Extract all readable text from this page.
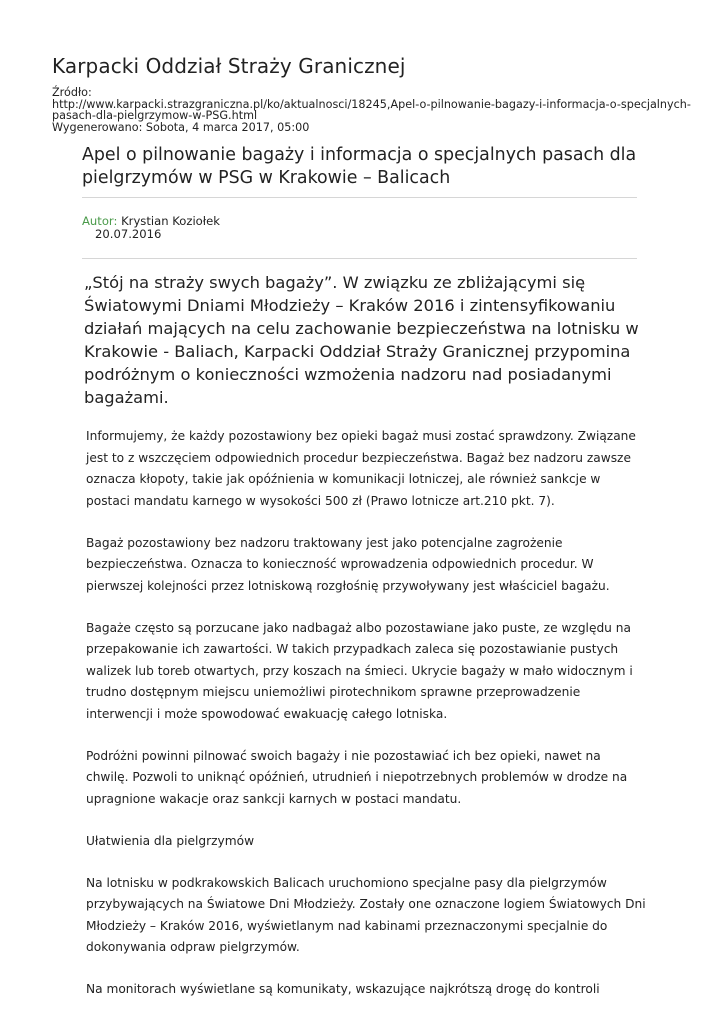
Karpacki Oddział Straży Granicznej
Źródło:
http://www.karpacki.strazgraniczna.pl/ko/aktualnosci/18245,Apel-o-pilnowanie-bagazy-i-informacja-o-specjalnych-
pasach-dla-pielgrzymow-w-PSG.html
Wygenerowano: Sobota, 4 marca 2017, 05:00
Apel o pilnowanie bagaży i informacja o specjalnych pasach dla pielgrzymów w PSG w Krakowie – Balicach
Autor: Krystian Koziołek
20.07.2016

„Stój na straży swych bagaży”. W związku ze zbliżającymi się Światowymi Dniami Młodzieży – Kraków 2016 i zintensyfikowaniu działań mających na celu zachowanie bezpieczeństwa na lotnisku w Krakowie - Baliach, Karpacki Oddział Straży Granicznej przypomina podróżnym o konieczności wzmożenia nadzoru nad posiadanymi bagażami.

Informujemy, że każdy pozostawiony bez opieki bagaż musi zostać sprawdzony. Związane jest to z wszczęciem odpowiednich procedur bezpieczeństwa. Bagaż bez nadzoru zawsze oznacza kłopoty, takie jak opóźnienia w komunikacji lotniczej, ale również sankcje w postaci mandatu karnego w wysokości 500 zł (Prawo lotnicze art.210 pkt. 7).

Bagaż pozostawiony bez nadzoru traktowany jest jako potencjalne zagrożenie bezpieczeństwa. Oznacza to konieczność wprowadzenia odpowiednich procedur. W pierwszej kolejności przez lotniskową rozgłośnię przywoływany jest właściciel bagażu.

Bagaże często są porzucane jako nadbagaż albo pozostawiane jako puste, ze względu na przepakowanie ich zawartości. W takich przypadkach zaleca się pozostawianie pustych walizek lub toreb otwartych, przy koszach na śmieci. Ukrycie bagaży w mało widocznym i trudno dostępnym miejscu uniemożliwi pirotechnikom sprawne przeprowadzenie interwencji i może spowodować ewakuację całego lotniska.

Podróżni powinni pilnować swoich bagaży i nie pozostawiać ich bez opieki, nawet na chwilę. Pozwoli to uniknąć opóźnień, utrudnień i niepotrzebnych problemów w drodze na upragnione wakacje oraz sankcji karnych w postaci mandatu.

Ułatwienia dla pielgrzymów

Na lotnisku w podkrakowskich Balicach uruchomiono specjalne pasy dla pielgrzymów przybywających na Światowe Dni Młodzieży. Zostały one oznaczone logiem Światowych Dni Młodzieży – Kraków 2016, wyświetlanym nad kabinami przeznaczonymi specjalnie do dokonywania odpraw pielgrzymów.

Na monitorach wyświetlane są komunikaty, wskazujące najkrótszą drogę do kontroli
